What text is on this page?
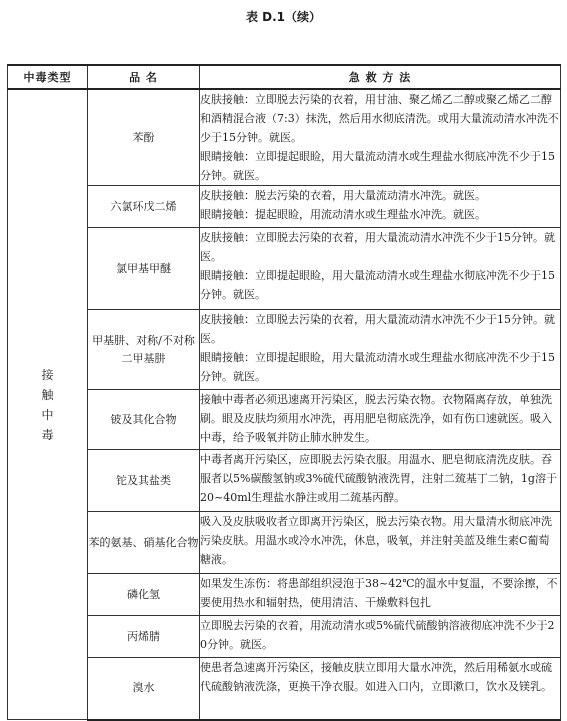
表 D.1（续）
中毒类型	品 名	急 救 方 法
接触中毒	苯酚	皮肤接触：立即脱去污染的衣着，用甘油、聚乙烯乙二醇或聚乙烯乙二醇和酒精混合液（7:3）抹洗，然后用水彻底清洗。或用大量流动清水冲洗不少于15分钟。就医。

眼睛接触：立即提起眼睑，用大量流动清水或生理盐水彻底冲洗不少于15分钟。就医。

	六氯环戊二烯	皮肤接触：脱去污染的衣着，用大量流动清水冲洗。就医。

眼睛接触：提起眼睑，用流动清水或生理盐水冲洗。就医。

	氯甲基甲醚	皮肤接触：立即脱去污染的衣着，用大量流动清水冲洗不少于15分钟。就医。

眼睛接触：立即提起眼睑，用大量流动清水或生理盐水彻底冲洗不少于15分钟。就医。

	甲基肼、对称/不对称二甲基肼	皮肤接触：立即脱去污染的衣着，用大量流动清水冲洗不少于15分钟。就医。

眼睛接触：立即提起眼睑，用大量流动清水或生理盐水彻底冲洗不少于15分钟。就医。

	铍及其化合物	接触中毒者必须迅速离开污染区，脱去污染衣物。衣物隔离存放，单独洗刷。眼及皮肤均须用水冲洗，再用肥皂彻底洗净，如有伤口速就医。吸入中毒，给予吸氧并防止肺水肿发生。

	铊及其盐类	中毒者离开污染区，应即脱去污染衣服。用温水、肥皂彻底清洗皮肤。吞服者以5%碳酸氢钠或3%硫代硫酸钠液洗胃，注射二巯基丁二钠，1g溶于20~40ml生理盐水静注或用二巯基丙醇。

	苯的氨基、硝基化合物	吸入及皮肤吸收者立即离开污染区，脱去污染衣物。用大量清水彻底冲洗污染皮肤。用温水或冷水冲洗，休息，吸氧，并注射美蓝及维生素C葡萄糖液。

	磷化氢	如果发生冻伤：将患部组织浸泡于38~42℃的温水中复温，不要涂擦，不要使用热水和辐射热，使用清洁、干燥敷料包扎

	丙烯腈	立即脱去污染的衣着，用流动清水或5%硫代硫酸钠溶液彻底冲洗不少于20分钟。就医。

	溴水	使患者急速离开污染区，接触皮肤立即用大量水冲洗，然后用稀氨水或硫代硫酸钠液洗涤，更换干净衣服。如进入口内，立即漱口，饮水及镁乳。
